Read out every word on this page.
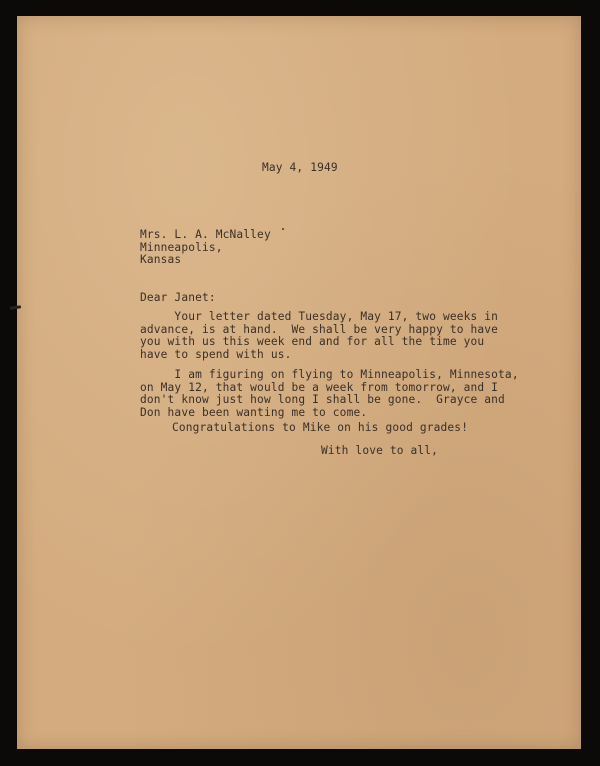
May 4, 1949
Mrs. L. A. McNalley
Minneapolis,
Kansas
Dear Janet:
Your letter dated Tuesday, May 17, two weeks in
advance, is at hand.  We shall be very happy to have
you with us this week end and for all the time you
have to spend with us.
I am figuring on flying to Minneapolis, Minnesota,
on May 12, that would be a week from tomorrow, and I
don't know just how long I shall be gone.  Grayce and
Don have been wanting me to come.
Congratulations to Mike on his good grades!
With love to all,
